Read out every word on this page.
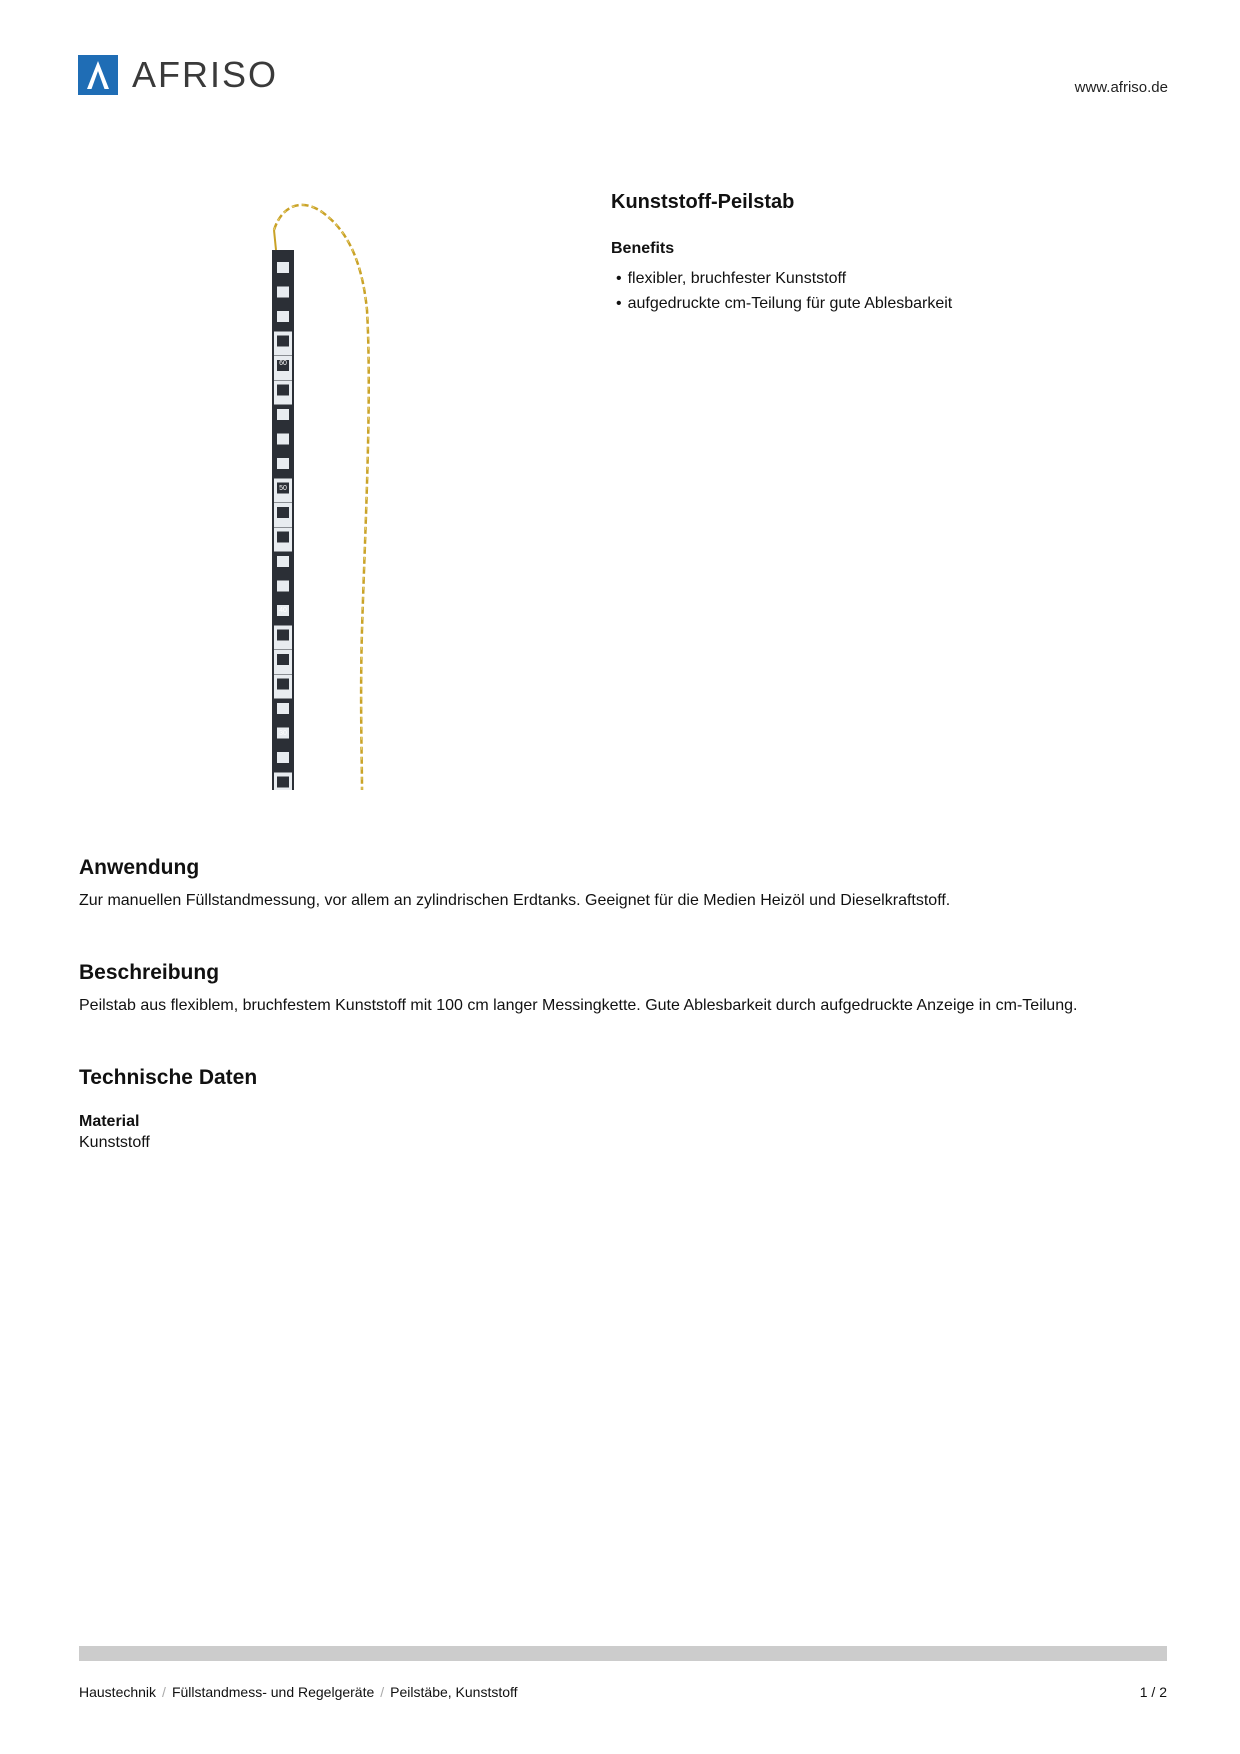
AFRISO	www.afriso.de
60
50
40
30
Kunststoff-Peilstab
Benefits
• flexibler, bruchfester Kunststoff
• aufgedruckte cm-Teilung für gute Ablesbarkeit
Anwendung

Zur manuellen Füllstandmessung, vor allem an zylindrischen Erdtanks. Geeignet für die Medien Heizöl und Dieselkraftstoff.

Beschreibung

Peilstab aus flexiblem, bruchfestem Kunststoff mit 100 cm langer Messingkette. Gute Ablesbarkeit durch aufgedruckte Anzeige in cm-Teilung.

Technische Daten
Material
Kunststoff
Haustechnik / Füllstandmess- und Regelgeräte / Peilstäbe, Kunststoff	1 / 2
